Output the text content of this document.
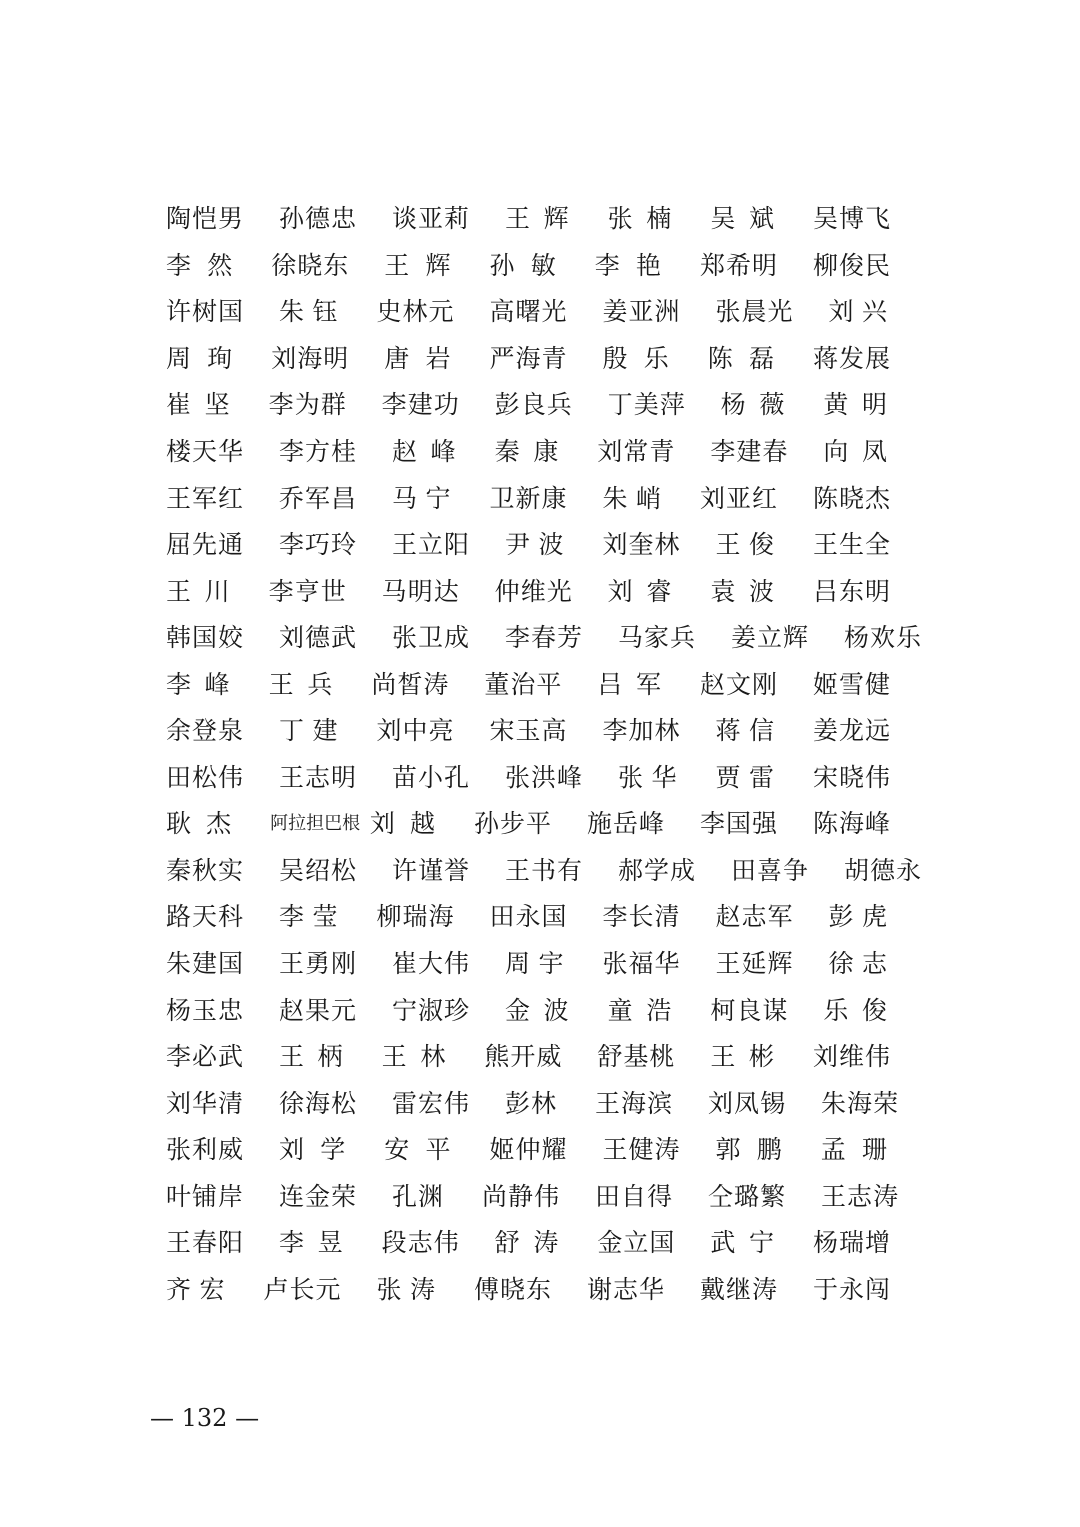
陶 恺 男 孙 德 忠 谈 亚 莉 王 辉 张 楠 吴 斌 吴 博 飞
李 然 徐 晓 东 王 辉 孙 敏 李 艳 郑 希 明 柳 俊 民
许 树 国 朱 钰 史 林 元 高 曙 光 姜 亚 洲 张 晨 光 刘 兴
周 珣 刘 海 明 唐 岩 严 海 青 殷 乐 陈 磊 蒋 发 展
崔 坚 李 为 群 李 建 功 彭 良 兵 丁 美 萍 杨 薇 黄 明
楼 天 华 李 方 桂 赵 峰 秦 康 刘 常 青 李 建 春 向 凤
王 军 红 乔 军 昌 马 宁 卫 新 康 朱 峭 刘 亚 红 陈 晓 杰
屈 先 通 李 巧 玲 王 立 阳 尹 波 刘 奎 林 王 俊 王 生 全
王 川 李 亨 世 马 明 达 仲 维 光 刘 睿 袁 波 吕 东 明
韩 国 姣 刘 德 武 张 卫 成 李 春 芳 马 家 兵 姜 立 辉 杨 欢 乐
李 峰 王 兵 尚 皙 涛 董 治 平 吕 军 赵 文 刚 姬 雪 健
余 登 泉 丁 建 刘 中 亮 宋 玉 高 李 加 林 蒋 信 姜 龙 远
田 松 伟 王 志 明 苗 小 孔 张 洪 峰 张 华 贾 雷 宋 晓 伟
耿 杰 阿拉担巴根 刘 越 孙 步 平 施 岳 峰 李 国 强 陈 海 峰
秦 秋 实 吴 绍 松 许 谨 誉 王 书 有 郝 学 成 田 喜 争 胡 德 永
路 天 科 李 莹 柳 瑞 海 田 永 国 李 长 清 赵 志 军 彭 虎
朱 建 国 王 勇 刚 崔 大 伟 周 宇 张 福 华 王 延 辉 徐 志
杨 玉 忠 赵 果 元 宁 淑 珍 金 波 童 浩 柯 良 谋 乐 俊
李 必 武 王 柄 王 林 熊 开 威 舒 基 桃 王 彬 刘 维 伟
刘 华 清 徐 海 松 雷 宏 伟 彭 林 王 海 滨 刘 凤 锡 朱 海 荣
张 利 威 刘 学 安 平 姬 仲 耀 王 健 涛 郭 鹏 孟 珊
叶 铺 岸 连 金 荣 孔 渊 尚 静 伟 田 自 得 仝 璐 繁 王 志 涛
王 春 阳 李 昱 段 志 伟 舒 涛 金 立 国 武 宁 杨 瑞 增
齐 宏 卢 长 元 张 涛 傅 晓 东 谢 志 华 戴 继 涛 于 永 闯
— 132 —
